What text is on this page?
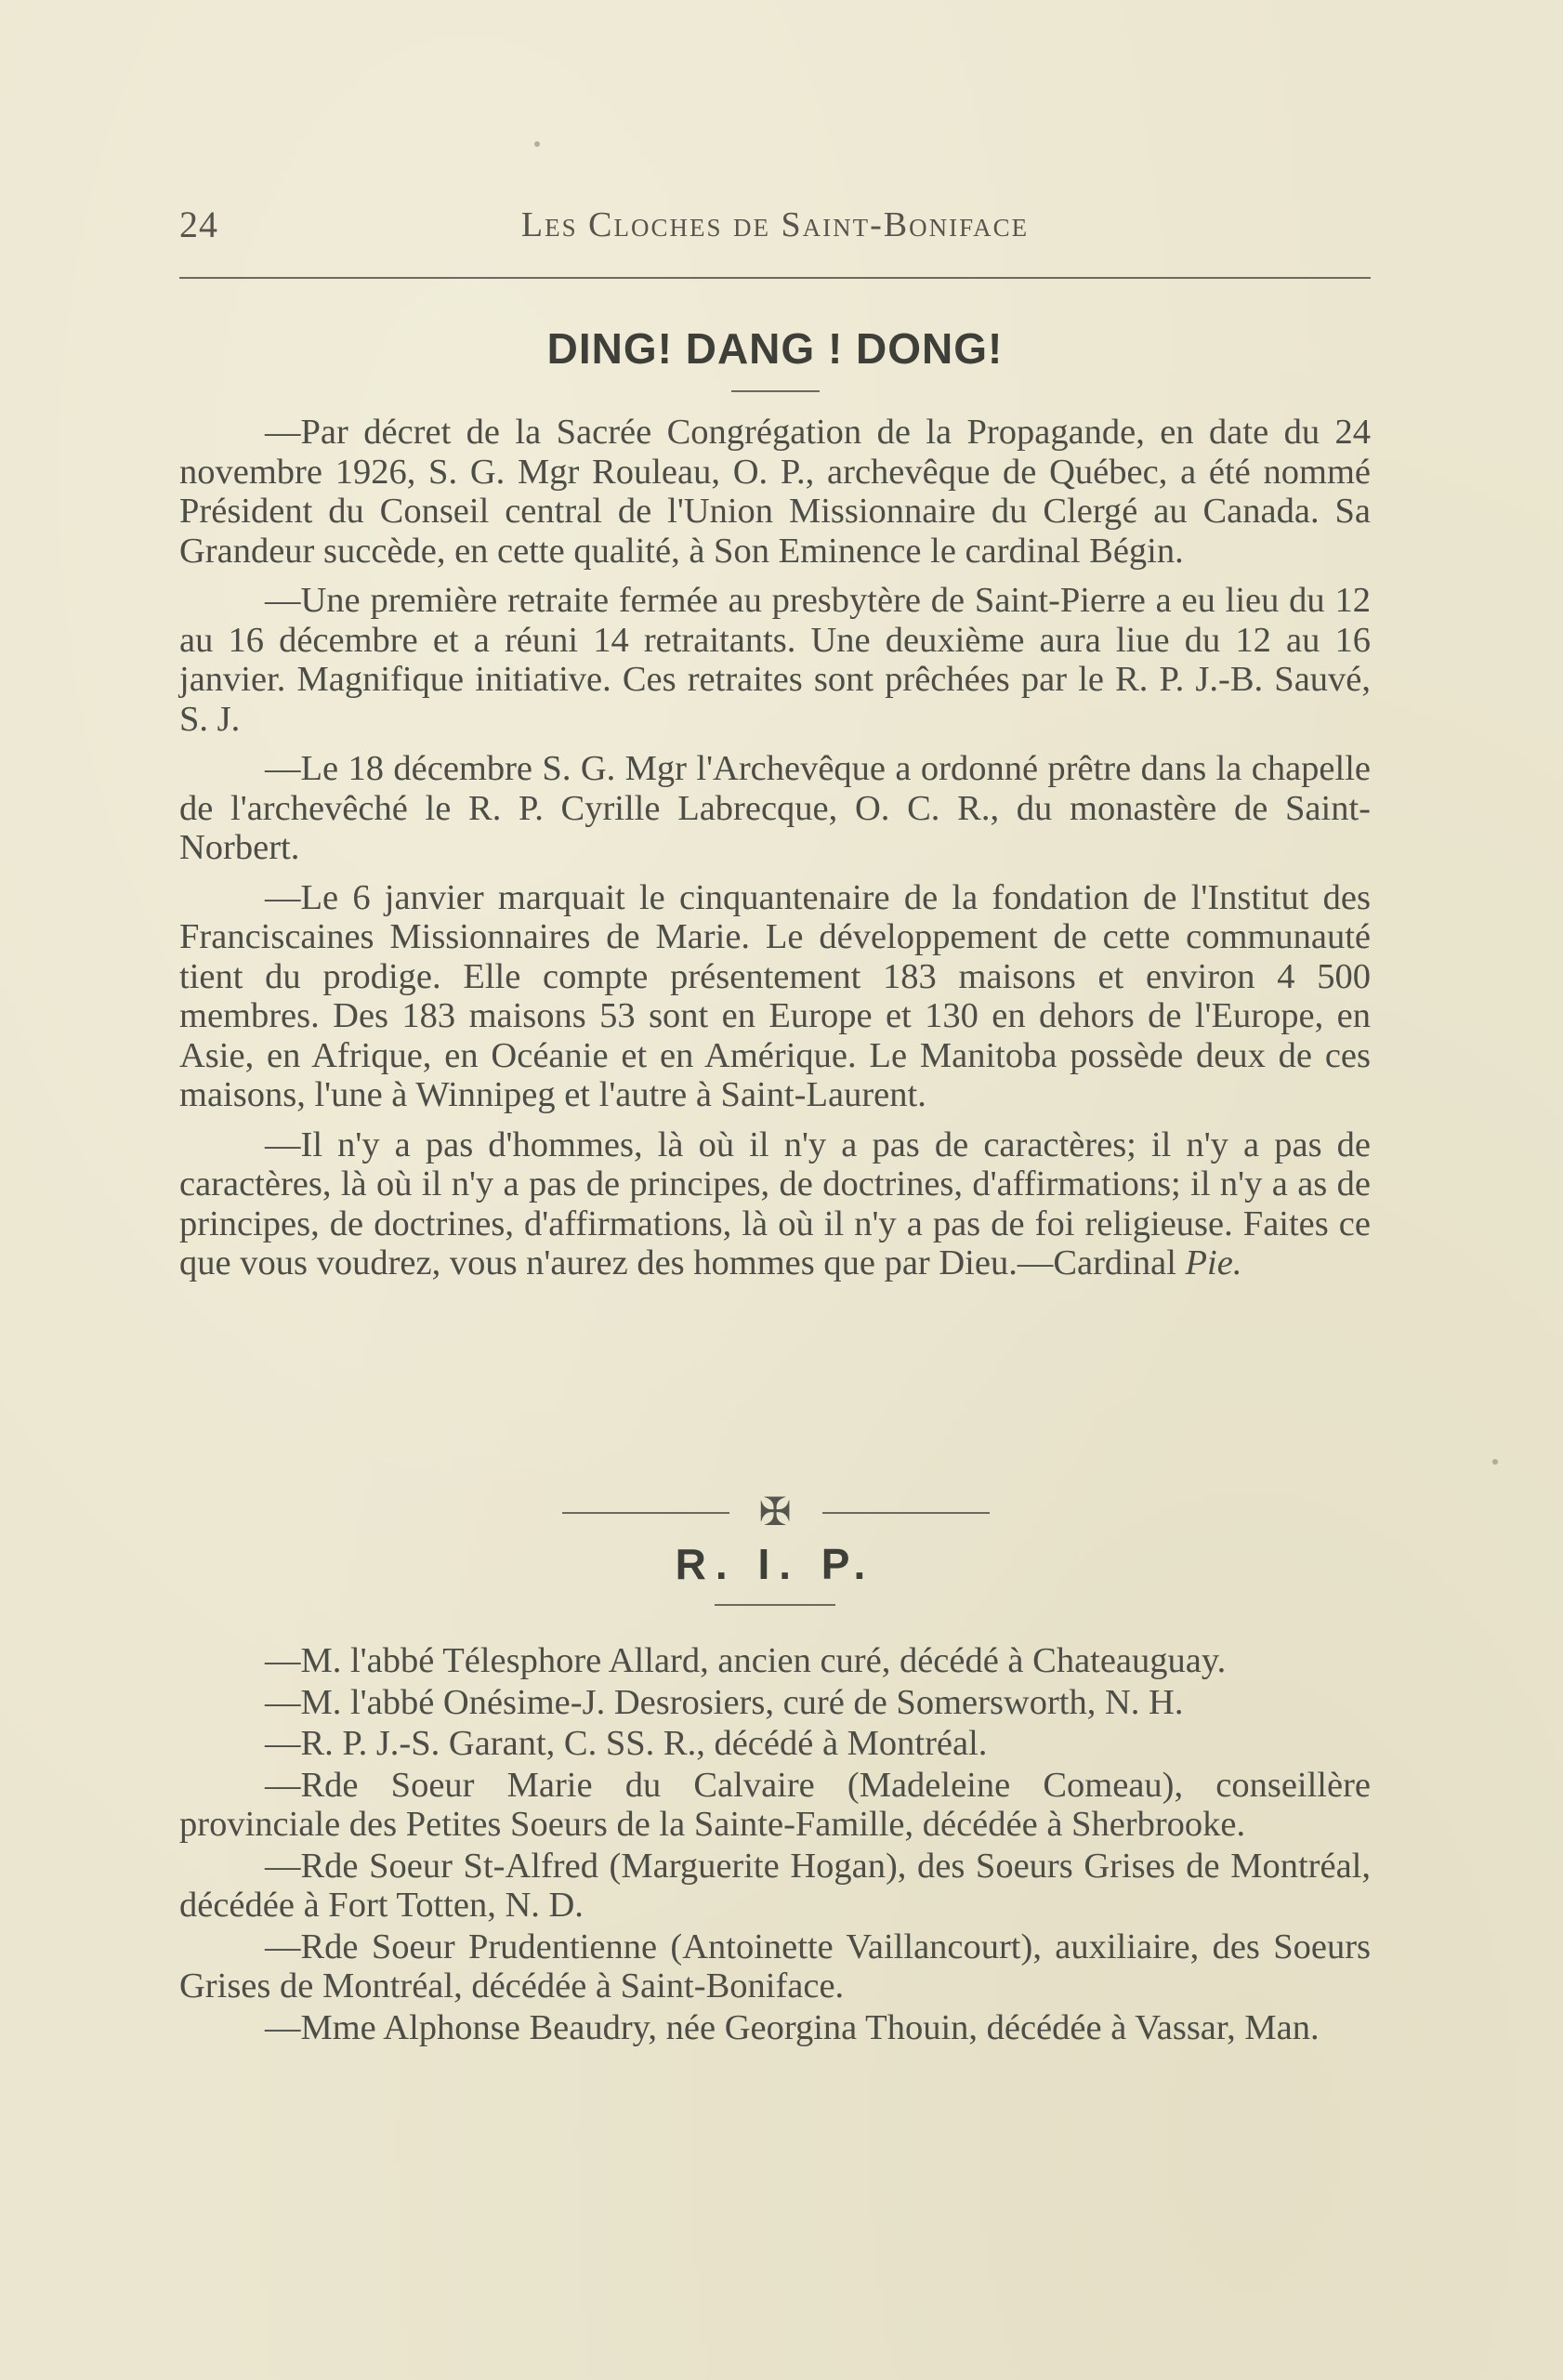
24	Les Cloches de Saint-Boniface
DING! DANG ! DONG!

—Par décret de la Sacrée Congrégation de la Propagande, en date du 24 novembre 1926, S. G. Mgr Rouleau, O. P., archevêque de Québec, a été nommé Président du Conseil central de l'Union Missionnaire du Clergé au Canada. Sa Grandeur succède, en cette qualité, à Son Eminence le cardinal Bégin.

—Une première retraite fermée au presbytère de Saint-Pierre a eu lieu du 12 au 16 décembre et a réuni 14 retraitants. Une deuxième aura liue du 12 au 16 janvier. Magnifique initiative. Ces retraites sont prêchées par le R. P. J.-B. Sauvé, S. J.

—Le 18 décembre S. G. Mgr l'Archevêque a ordonné prêtre dans la chapelle de l'archevêché le R. P. Cyrille Labrecque, O. C. R., du monastère de Saint-Norbert.

—Le 6 janvier marquait le cinquantenaire de la fondation de l'Institut des Franciscaines Missionnaires de Marie. Le développement de cette communauté tient du prodige. Elle compte présentement 183 maisons et environ 4 500 membres. Des 183 maisons 53 sont en Europe et 130 en dehors de l'Europe, en Asie, en Afrique, en Océanie et en Amérique. Le Manitoba possède deux de ces maisons, l'une à Winnipeg et l'autre à Saint-Laurent.

—Il n'y a pas d'hommes, là où il n'y a pas de caractères; il n'y a pas de caractères, là où il n'y a pas de principes, de doctrines, d'affirmations; il n'y a as de principes, de doctrines, d'affirmations, là où il n'y a pas de foi religieuse. Faites ce que vous voudrez, vous n'aurez des hommes que par Dieu.—Cardinal Pie.

✠
R. I. P.

—M. l'abbé Télesphore Allard, ancien curé, décédé à Chateauguay.

—M. l'abbé Onésime-J. Desrosiers, curé de Somersworth, N. H.

—R. P. J.-S. Garant, C. SS. R., décédé à Montréal.

—Rde Soeur Marie du Calvaire (Madeleine Comeau), conseillère provinciale des Petites Soeurs de la Sainte-Famille, décédée à Sherbrooke.

—Rde Soeur St-Alfred (Marguerite Hogan), des Soeurs Grises de Montréal, décédée à Fort Totten, N. D.

—Rde Soeur Prudentienne (Antoinette Vaillancourt), auxiliaire, des Soeurs Grises de Montréal, décédée à Saint-Boniface.

—Mme Alphonse Beaudry, née Georgina Thouin, décédée à Vassar, Man.
